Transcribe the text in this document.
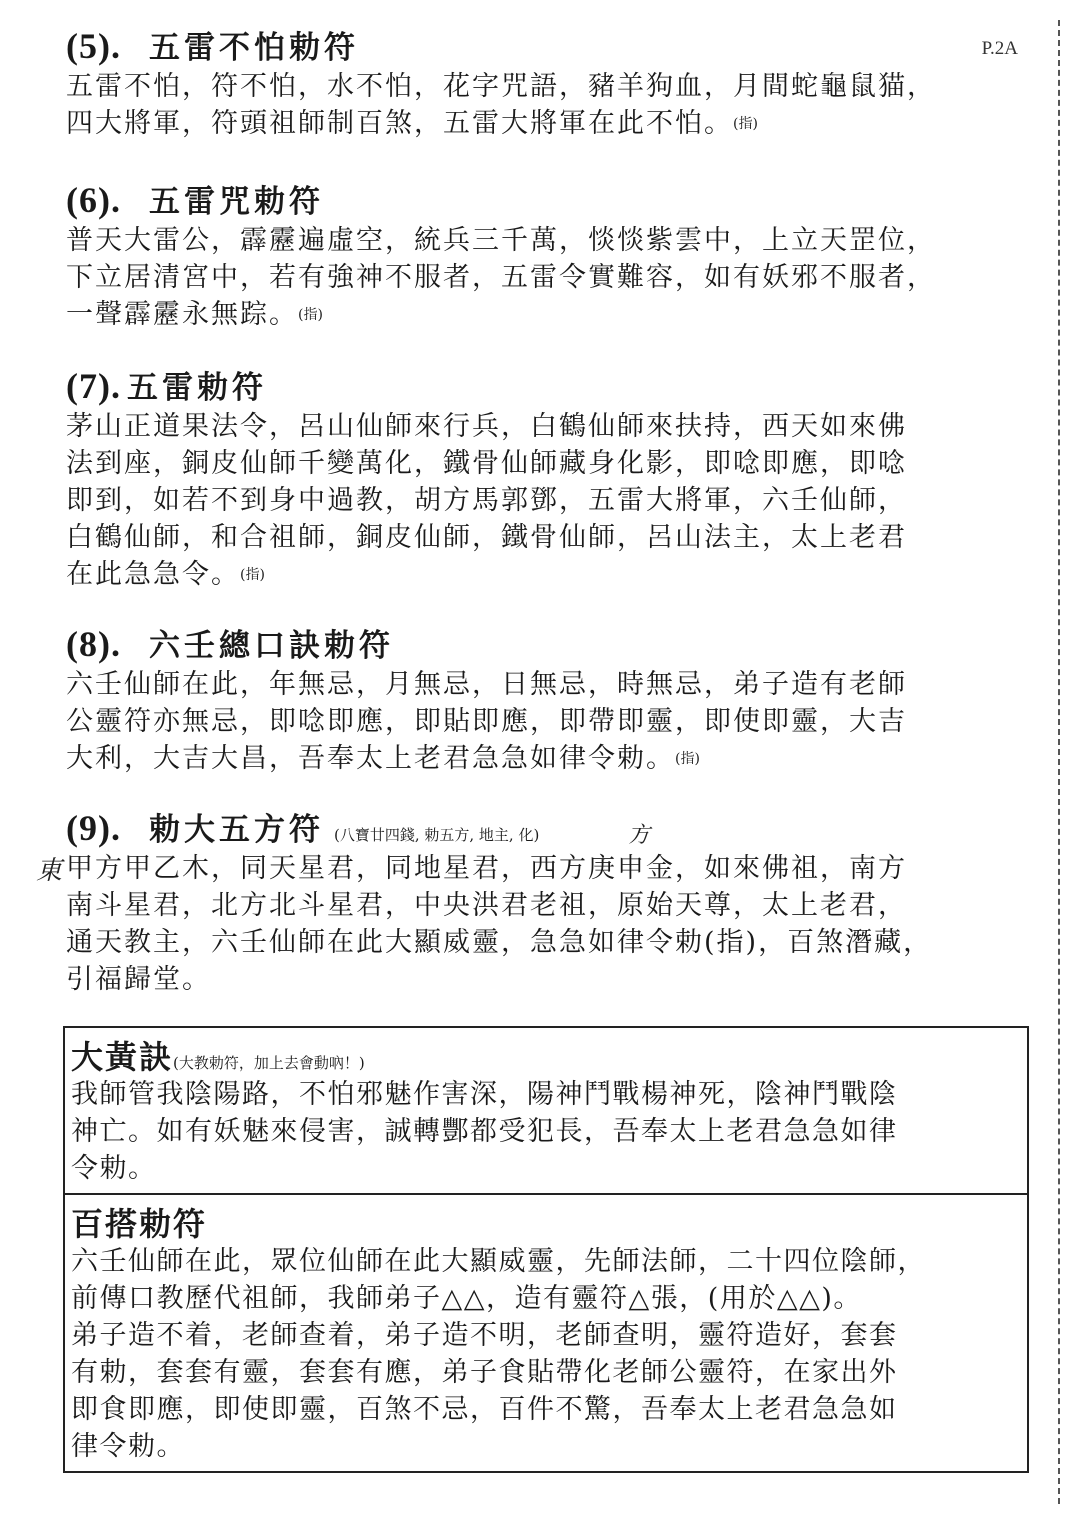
P.2A
(5). 五雷不怕勅符
五雷不怕，符不怕，水不怕，花字咒語，豬羊狗血，月間蛇龜鼠猫，
四大將軍，符頭祖師制百煞，五雷大將軍在此不怕。(指)
(6). 五雷咒勅符
普天大雷公，霹靂遍虛空，統兵三千萬，惔惔紫雲中，上立天罡位，
下立居清宮中，若有強神不服者，五雷令實難容，如有妖邪不服者，
一聲霹靂永無踪。(指)
(7). 五雷勅符
茅山正道果法令，呂山仙師來行兵，白鶴仙師來扶持，西天如來佛
法到座，銅皮仙師千變萬化，鐵骨仙師藏身化影，即唸即應，即唸
即到，如若不到身中過教，胡方馬郭鄧，五雷大將軍，六壬仙師，
白鶴仙師，和合祖師，銅皮仙師，鐵骨仙師，呂山法主，太上老君
在此急急令。(指)
(8). 六壬總口訣勅符
六壬仙師在此，年無忌，月無忌，日無忌，時無忌，弟子造有老師
公靈符亦無忌，即唸即應，即貼即應，即帶即靈，即使即靈，大吉
大利，大吉大昌，吾奉太上老君急急如律令勅。(指)
(9). 勅大五方符 (八寶廿四錢, 勅五方, 地主, 化)
甲方甲乙木，同天星君，同地星君，西方庚申金，如來佛祖，南方
南斗星君，北方北斗星君，中央洪君老祖，原始天尊，太上老君，
通天教主，六壬仙師在此大顯威靈，急急如律令勅(指)，百煞潛藏，
引福歸堂。
東
方
大黃訣 (大教勅符，加上去會動吶！)
我師管我陰陽路，不怕邪魅作害深，陽神鬥戰楊神死，陰神鬥戰陰
神亡。如有妖魅來侵害，誠轉酆都受犯長，吾奉太上老君急急如律
令勅。
百搭勅符
六壬仙師在此，眾位仙師在此大顯威靈，先師法師，二十四位陰師，
前傳口教歷代祖師，我師弟子△△，造有靈符△張，(用於△△)。
弟子造不着，老師查着，弟子造不明，老師查明，靈符造好，套套
有勅，套套有靈，套套有應，弟子食貼帶化老師公靈符，在家出外
即食即應，即使即靈，百煞不忌，百件不驚，吾奉太上老君急急如
律令勅。
